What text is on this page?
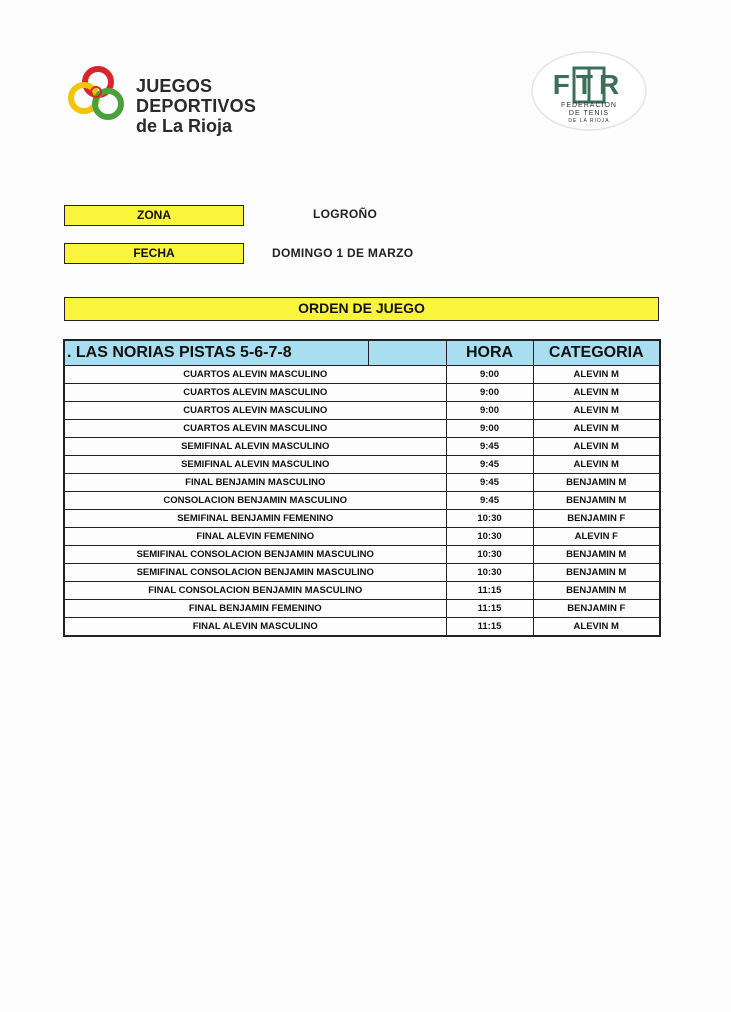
JUEGOS DEPORTIVOS
de La Rioja
FTR
FEDERACION
DE TENIS
DE LA RIOJA
ZONA	LOGROÑO
FECHA	DOMINGO 1 DE MARZO
ORDEN DE JUEGO
. LAS NORIAS PISTAS 5-6-7-8		HORA	CATEGORIA
CUARTOS ALEVIN MASCULINO		9:00	ALEVIN M
CUARTOS ALEVIN MASCULINO		9:00	ALEVIN M
CUARTOS ALEVIN MASCULINO		9:00	ALEVIN M
CUARTOS ALEVIN MASCULINO		9:00	ALEVIN M
SEMIFINAL ALEVIN MASCULINO		9:45	ALEVIN M
SEMIFINAL ALEVIN MASCULINO		9:45	ALEVIN M
FINAL BENJAMIN MASCULINO		9:45	BENJAMIN M
CONSOLACION BENJAMIN MASCULINO		9:45	BENJAMIN M
SEMIFINAL BENJAMIN FEMENINO		10:30	BENJAMIN F
FINAL ALEVIN FEMENINO		10:30	ALEVIN F
SEMIFINAL CONSOLACION BENJAMIN MASCULINO		10:30	BENJAMIN M
SEMIFINAL CONSOLACION BENJAMIN MASCULINO		10:30	BENJAMIN M
FINAL CONSOLACION BENJAMIN MASCULINO		11:15	BENJAMIN M
FINAL BENJAMIN FEMENINO		11:15	BENJAMIN F
FINAL ALEVIN MASCULINO		11:15	ALEVIN M
